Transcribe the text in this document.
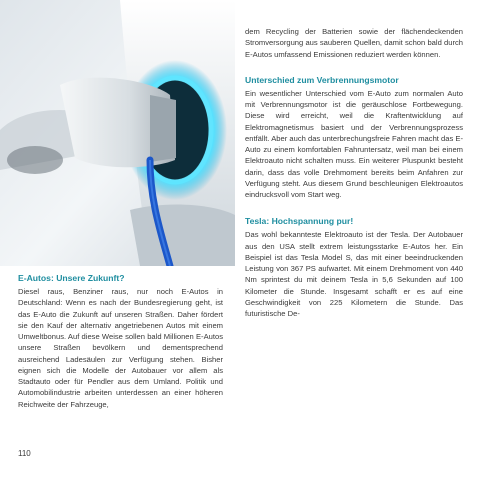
E-Autos: Unsere Zukunft?

Diesel raus, Benziner raus, nur noch E-Autos in Deutschland: Wenn es nach der Bundesregierung geht, ist das E-Auto die Zukunft auf unseren Straßen. Daher fördert sie den Kauf der alternativ angetriebenen Autos mit einem Umweltbonus. Auf diese Weise sollen bald Millionen E-Autos unsere Straßen bevölkern und dementsprechend ausreichend Ladesäulen zur Verfügung stehen. Bisher eignen sich die Modelle der Autobauer vor allem als Stadtauto oder für Pendler aus dem Umland. Politik und Automobilindustrie arbeiten unterdessen an einer höheren Reichweite der Fahrzeuge,

dem Recycling der Batterien sowie der flächendeckenden Stromversorgung aus sauberen Quellen, damit schon bald durch E-Autos umfassend Emissionen reduziert werden können.

Unterschied zum Verbrennungsmotor

Ein wesentlicher Unterschied vom E-Auto zum normalen Auto mit Verbrennungsmotor ist die geräuschlose Fortbewegung. Diese wird erreicht, weil die Kraftentwicklung auf Elektromagnetismus basiert und der Verbrennungsprozess entfällt. Aber auch das unterbrechungsfreie Fahren macht das E-Auto zu einem komfortablen Fahruntersatz, weil man bei einem Elektroauto nicht schalten muss. Ein weiterer Pluspunkt besteht darin, dass das volle Drehmoment bereits beim Anfahren zur Verfügung steht. Aus diesem Grund beschleunigen Elektroautos eindrucksvoll vom Start weg.

Tesla: Hochspannung pur!

Das wohl bekannteste Elektroauto ist der Tesla. Der Autobauer aus den USA stellt extrem leistungsstarke E-Autos her. Ein Beispiel ist das Tesla Model S, das mit einer beeindruckenden Leistung von 367 PS aufwartet. Mit einem Drehmoment von 440 Nm sprintest du mit deinem Tesla in 5,6 Sekunden auf 100 Kilometer die Stunde. Insgesamt schafft er es auf eine Geschwindigkeit von 225 Kilometern die Stunde. Das futuristische De-

110
